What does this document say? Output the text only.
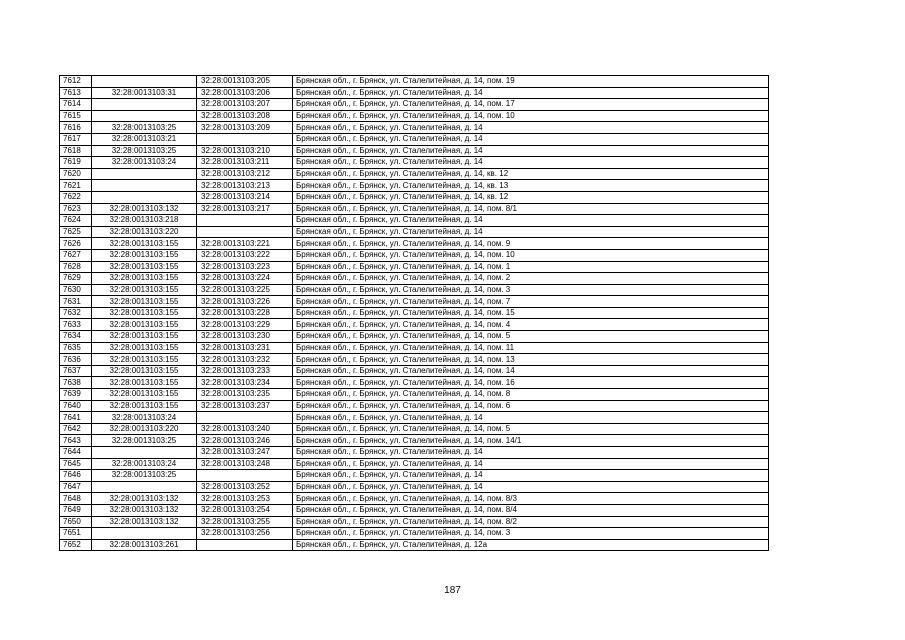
7612		32:28:0013103:205	Брянская обл., г. Брянск, ул. Сталелитейная, д. 14, пом. 19
7613	32:28:0013103:31	32:28:0013103:206	Брянская обл., г. Брянск, ул. Сталелитейная, д. 14
7614		32:28:0013103:207	Брянская обл., г. Брянск, ул. Сталелитейная, д. 14, пом. 17
7615		32:28:0013103:208	Брянская обл., г. Брянск, ул. Сталелитейная, д. 14, пом. 10
7616	32:28:0013103:25	32:28:0013103:209	Брянская обл., г. Брянск, ул. Сталелитейная, д. 14
7617	32:28:0013103:21		Брянская обл., г. Брянск, ул. Сталелитейная, д. 14
7618	32:28:0013103:25	32:28:0013103:210	Брянская обл., г. Брянск, ул. Сталелитейная, д. 14
7619	32:28:0013103:24	32:28:0013103:211	Брянская обл., г. Брянск, ул. Сталелитейная, д. 14
7620		32:28:0013103:212	Брянская обл., г. Брянск, ул. Сталелитейная, д. 14, кв. 12
7621		32:28:0013103:213	Брянская обл., г. Брянск, ул. Сталелитейная, д. 14, кв. 13
7622		32:28:0013103:214	Брянская обл., г. Брянск, ул. Сталелитейная, д. 14, кв. 12
7623	32:28:0013103:132	32:28:0013103:217	Брянская обл., г. Брянск, ул. Сталелитейная, д. 14, пом. 8/1
7624	32:28:0013103:218		Брянская обл., г. Брянск, ул. Сталелитейная, д. 14
7625	32:28:0013103:220		Брянская обл., г. Брянск, ул. Сталелитейная, д. 14
7626	32:28:0013103:155	32:28:0013103:221	Брянская обл., г. Брянск, ул. Сталелитейная, д. 14, пом. 9
7627	32:28:0013103:155	32:28:0013103:222	Брянская обл., г. Брянск, ул. Сталелитейная, д. 14, пом. 10
7628	32:28:0013103:155	32:28:0013103:223	Брянская обл., г. Брянск, ул. Сталелитейная, д. 14, пом. 1
7629	32:28:0013103:155	32:28:0013103:224	Брянская обл., г. Брянск, ул. Сталелитейная, д. 14, пом. 2
7630	32:28:0013103:155	32:28:0013103:225	Брянская обл., г. Брянск, ул. Сталелитейная, д. 14, пом. 3
7631	32:28:0013103:155	32:28:0013103:226	Брянская обл., г. Брянск, ул. Сталелитейная, д. 14, пом. 7
7632	32:28:0013103:155	32:28:0013103:228	Брянская обл., г. Брянск, ул. Сталелитейная, д. 14, пом. 15
7633	32:28:0013103:155	32:28:0013103:229	Брянская обл., г. Брянск, ул. Сталелитейная, д. 14, пом. 4
7634	32:28:0013103:155	32:28:0013103:230	Брянская обл., г. Брянск, ул. Сталелитейная, д. 14, пом. 5
7635	32:28:0013103:155	32:28:0013103:231	Брянская обл., г. Брянск, ул. Сталелитейная, д. 14, пом. 11
7636	32:28:0013103:155	32:28:0013103:232	Брянская обл., г. Брянск, ул. Сталелитейная, д. 14, пом. 13
7637	32:28:0013103:155	32:28:0013103:233	Брянская обл., г. Брянск, ул. Сталелитейная, д. 14, пом. 14
7638	32:28:0013103:155	32:28:0013103:234	Брянская обл., г. Брянск, ул. Сталелитейная, д. 14, пом. 16
7639	32:28:0013103:155	32:28:0013103:235	Брянская обл., г. Брянск, ул. Сталелитейная, д. 14, пом. 8
7640	32:28:0013103:155	32:28:0013103:237	Брянская обл., г. Брянск, ул. Сталелитейная, д. 14, пом. 6
7641	32:28:0013103:24		Брянская обл., г. Брянск, ул. Сталелитейная, д. 14
7642	32:28:0013103:220	32:28:0013103:240	Брянская обл., г. Брянск, ул. Сталелитейная, д. 14, пом. 5
7643	32:28:0013103:25	32:28:0013103:246	Брянская обл., г. Брянск, ул. Сталелитейная, д. 14, пом. 14/1
7644		32:28:0013103:247	Брянская обл., г. Брянск, ул. Сталелитейная, д. 14
7645	32:28:0013103:24	32:28:0013103:248	Брянская обл., г. Брянск, ул. Сталелитейная, д. 14
7646	32:28:0013103:25		Брянская обл., г. Брянск, ул. Сталелитейная, д. 14
7647		32:28:0013103:252	Брянская обл., г. Брянск, ул. Сталелитейная, д. 14
7648	32:28:0013103:132	32:28:0013103:253	Брянская обл., г. Брянск, ул. Сталелитейная, д. 14, пом. 8/3
7649	32:28:0013103:132	32:28:0013103:254	Брянская обл., г. Брянск, ул. Сталелитейная, д. 14, пом. 8/4
7650	32:28:0013103:132	32:28:0013103:255	Брянская обл., г. Брянск, ул. Сталелитейная, д. 14, пом. 8/2
7651		32:28:0013103:256	Брянская обл., г. Брянск, ул. Сталелитейная, д. 14, пом. 3
7652	32:28:0013103:261		Брянская обл., г. Брянск, ул. Сталелитейная, д. 12а
187
